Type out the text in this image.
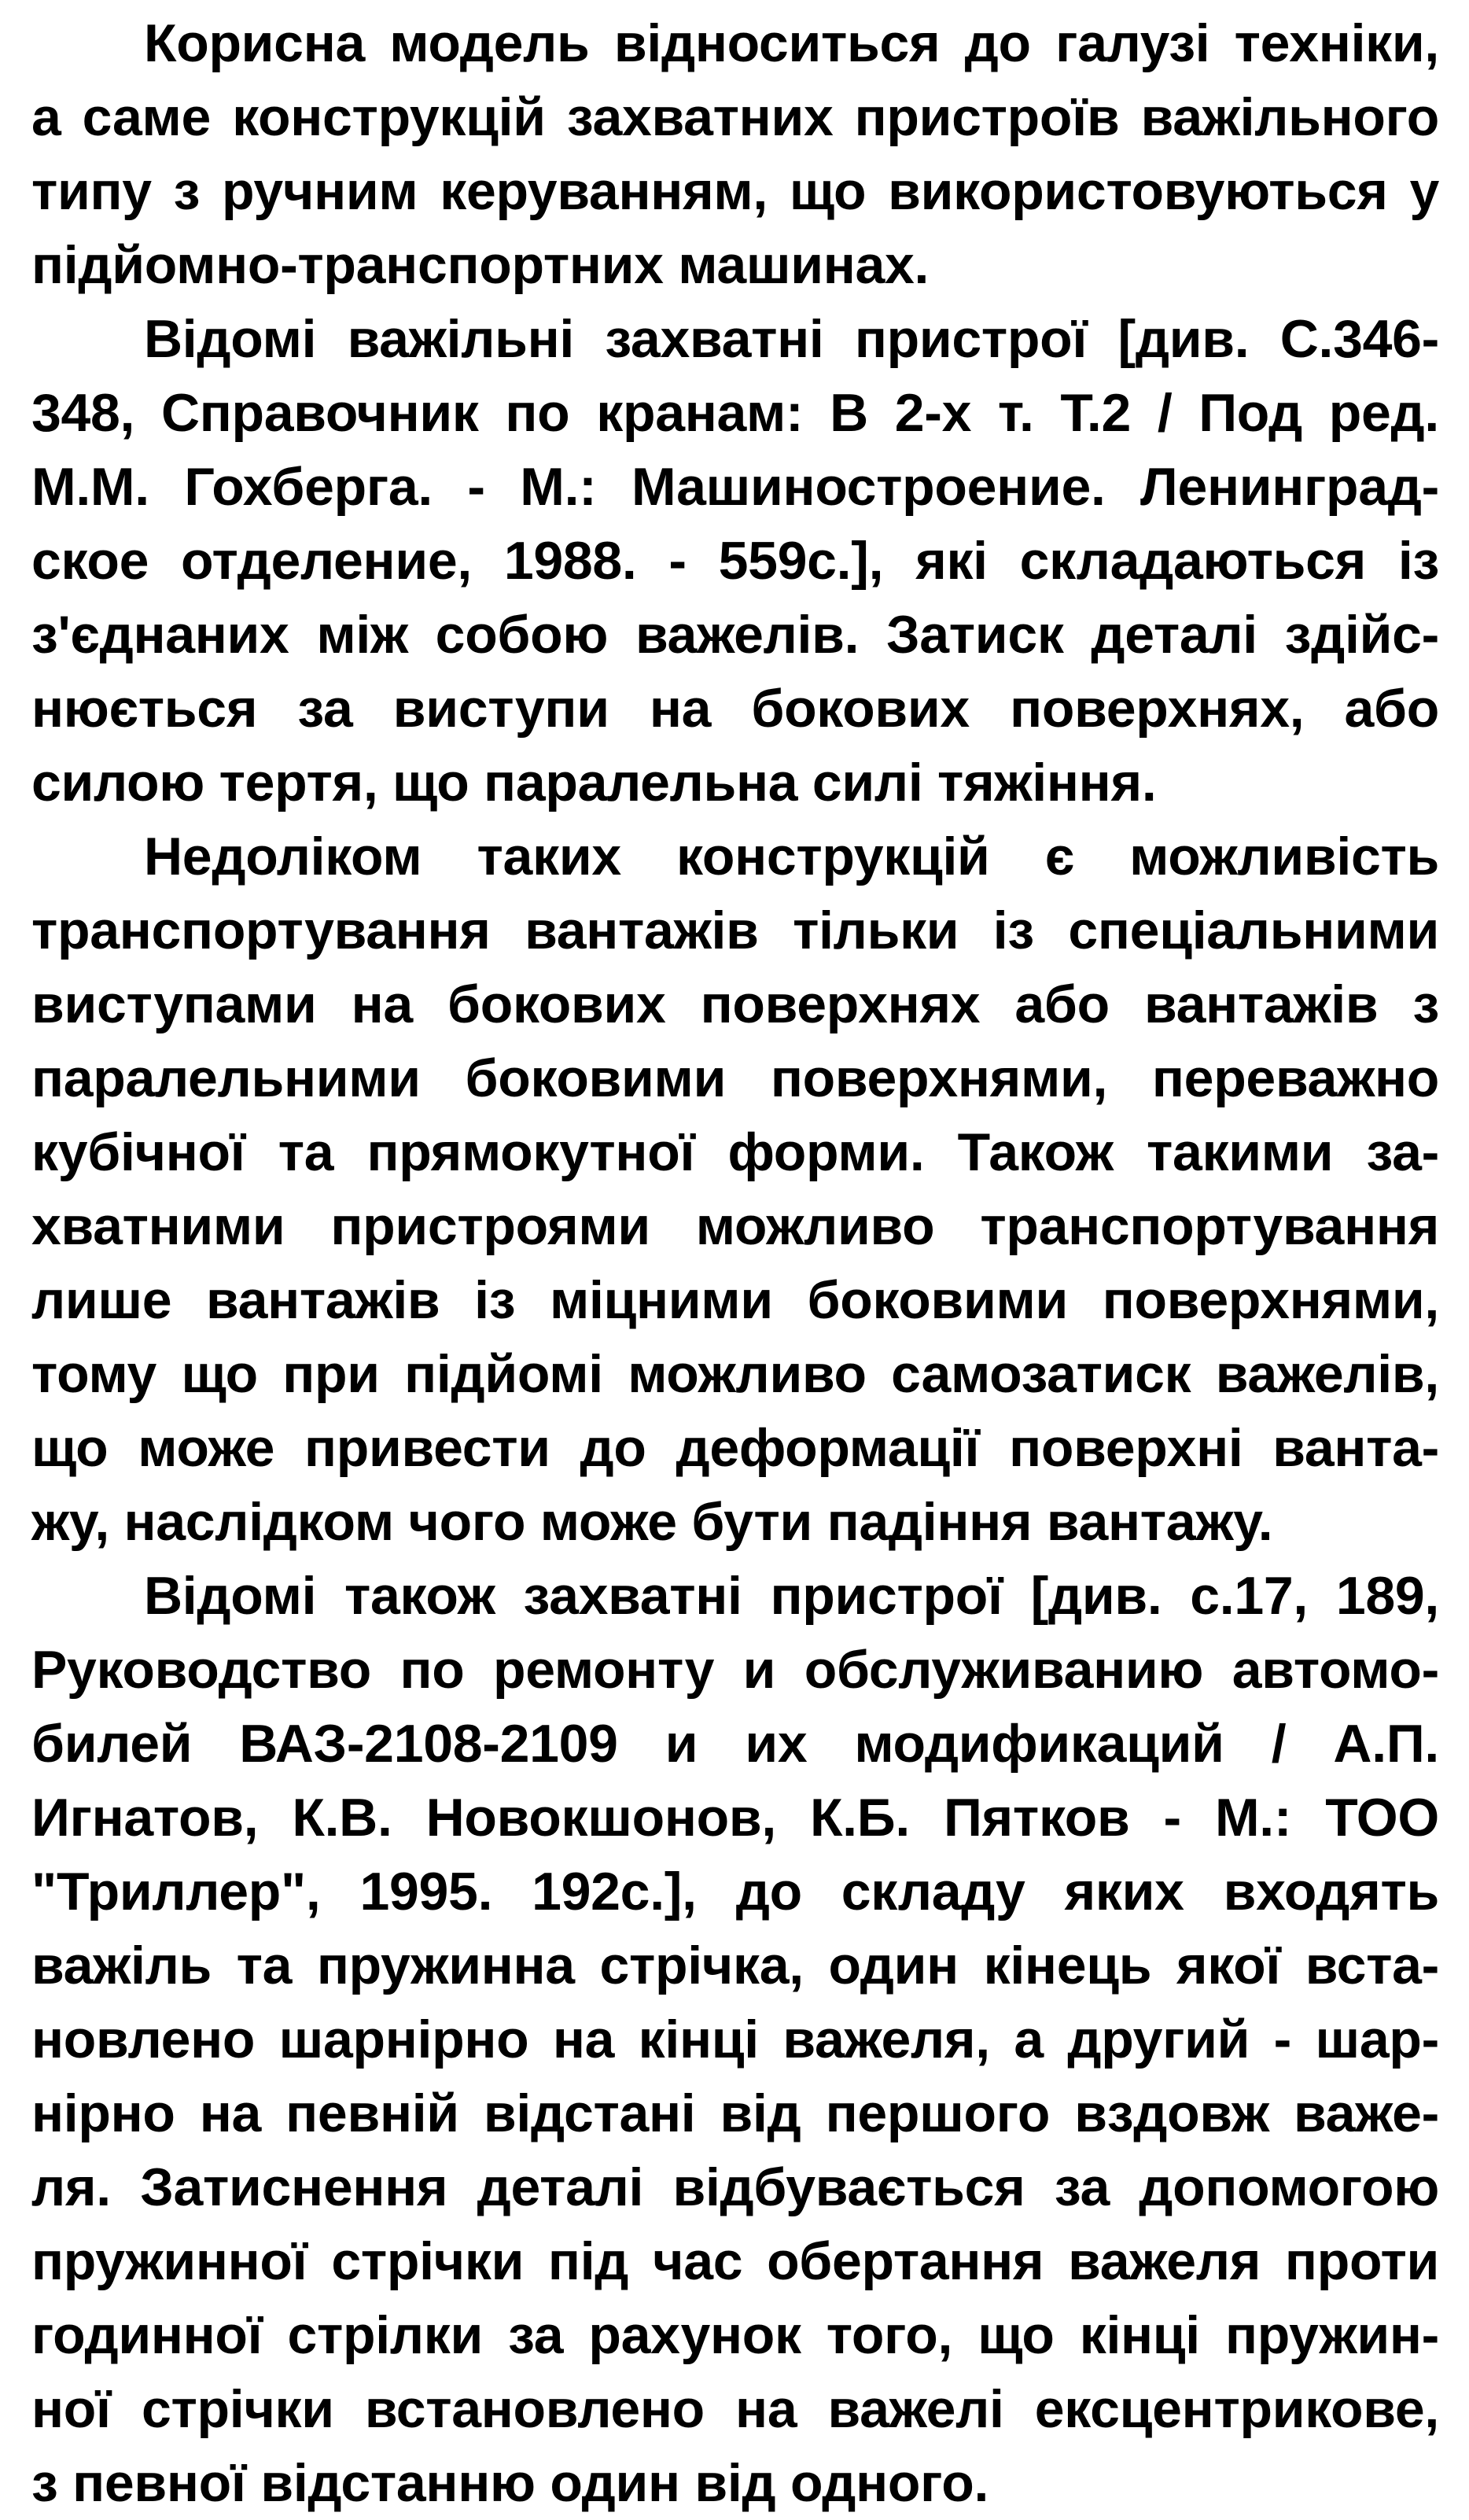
Корисна модель відноситься до галузі техніки,
а саме конструкцій захватних пристроїв важільного
типу з ручним керуванням, що використовуються у
підйомно-транспортних машинах.
Відомі важільні захватні пристрої [див. С.346-
348, Справочник по кранам: В 2-х т. Т.2 / Под ред.
М.М. Гохберга. - М.: Машиностроение. Ленинград-
ское отделение, 1988. - 559с.], які складаються із
з'єднаних між собою важелів. Затиск деталі здійс-
нюється за виступи на бокових поверхнях, або
силою тертя, що паралельна силі тяжіння.
Недоліком таких конструкцій є можливість
транспортування вантажів тільки із спеціальними
виступами на бокових поверхнях або вантажів з
паралельними боковими поверхнями, переважно
кубічної та прямокутної форми. Також такими за-
хватними пристроями можливо транспортування
лише вантажів із міцними боковими поверхнями,
тому що при підйомі можливо самозатиск важелів,
що може привести до деформації поверхні ванта-
жу, наслідком чого може бути падіння вантажу.
Відомі також захватні пристрої [див. с.17, 189,
Руководство по ремонту и обслуживанию автомо-
билей ВАЗ-2108-2109 и их модификаций / А.П.
Игнатов, К.В. Новокшонов, К.Б. Пятков - М.: ТОО
"Триллер", 1995. 192с.], до складу яких входять
важіль та пружинна стрічка, один кінець якої вста-
новлено шарнірно на кінці важеля, а другий - шар-
нірно на певній відстані від першого вздовж важе-
ля. Затиснення деталі відбувається за допомогою
пружинної стрічки під час обертання важеля проти
годинної стрілки за рахунок того, що кінці пружин-
ної стрічки встановлено на важелі ексцентрикове,
з певної відстанню один від одного.
